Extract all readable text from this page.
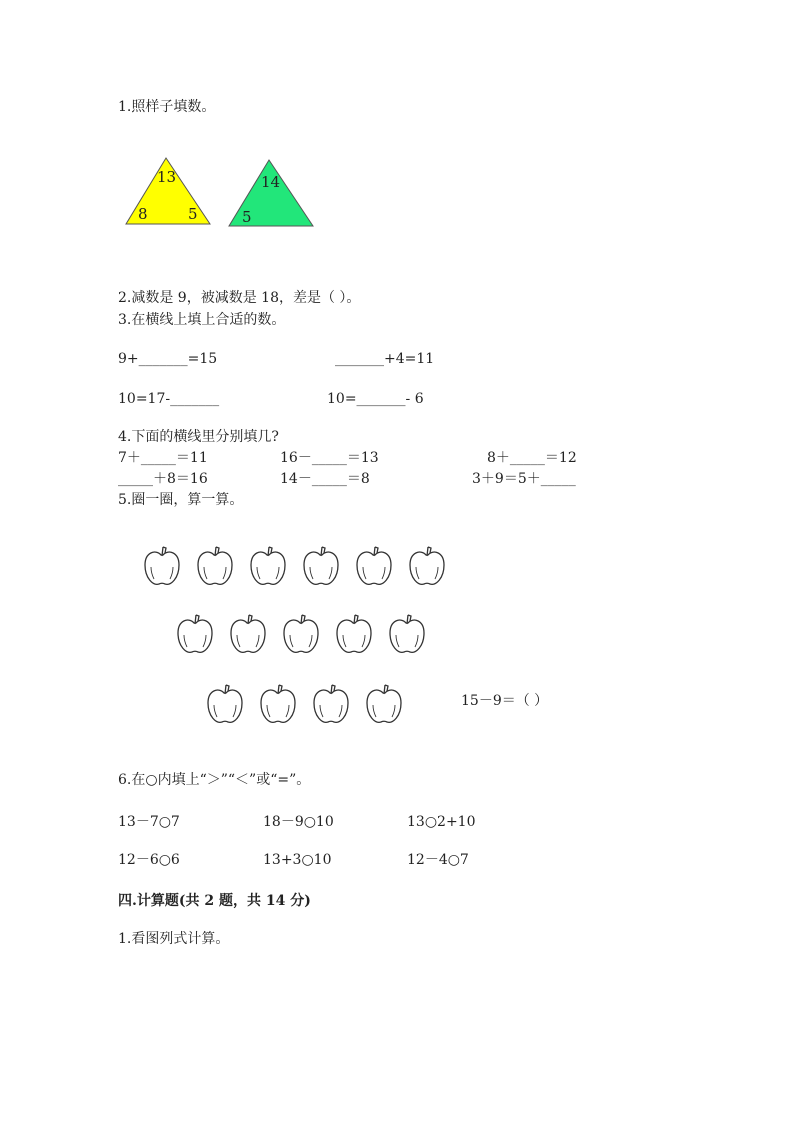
1.照样子填数。
13
8	5
14
5
2.减数是 9，被减数是 18，差是（ ）。
3.在横线上填上合适的数。
9+_______=15	_______+4=11
10=17-_______	10=_______- 6
4.下面的横线里分别填几?
7＋_____＝11	16－_____＝13	8＋_____＝12
_____＋8＝16	14－_____＝8	3＋9＝5＋_____
5.圈一圈，算一算。
15－9＝（ ）
6.在○内填上“＞”“＜”或“=”。
13－7○7	18－9○10	13○2+10
12－6○6	13+3○10	12－4○7
四.计算题(共 2 题，共 14 分)
1.看图列式计算。
